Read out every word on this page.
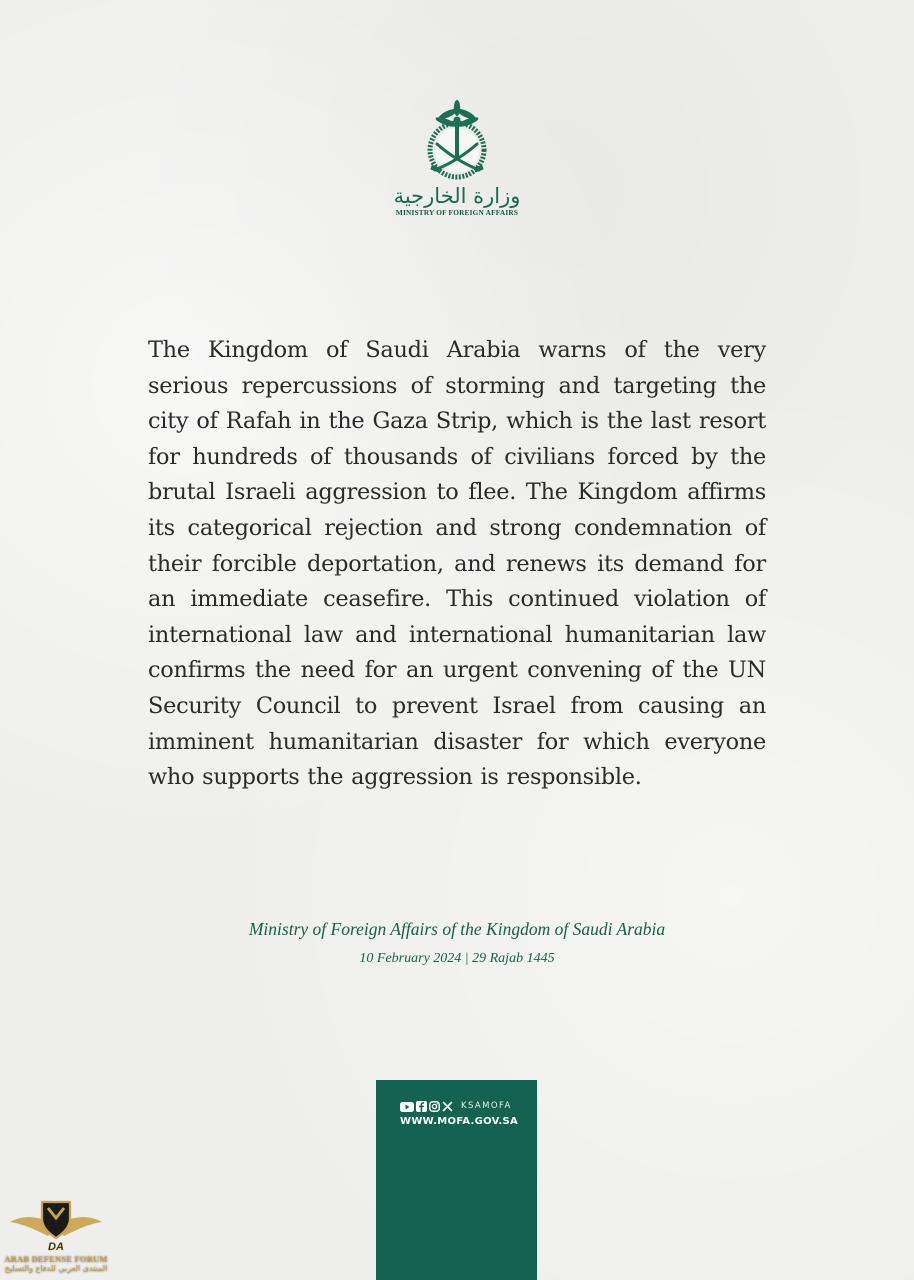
وزارة الخارجية
MINISTRY OF FOREIGN AFFAIRS

The Kingdom of Saudi Arabia warns of the very serious repercussions of storming and targeting the city of Rafah in the Gaza Strip, which is the last resort for hundreds of thousands of civilians forced by the brutal Israeli aggression to flee. The Kingdom affirms its categorical rejection and strong condemnation of their forcible deportation, and renews its demand for an immediate ceasefire. This continued violation of international law and international humanitarian law confirms the need for an urgent convening of the UN Security Council to prevent Israel from causing an imminent humanitarian disaster for which everyone who supports the aggression is responsible.

Ministry of Foreign Affairs of the Kingdom of Saudi Arabia
10 February 2024 | 29 Rajab 1445
KSAMOFA
WWW.MOFA.GOV.SA
DA
ARAB DEFENSE FORUM
المنتدى العربي للدفاع والتسليح
